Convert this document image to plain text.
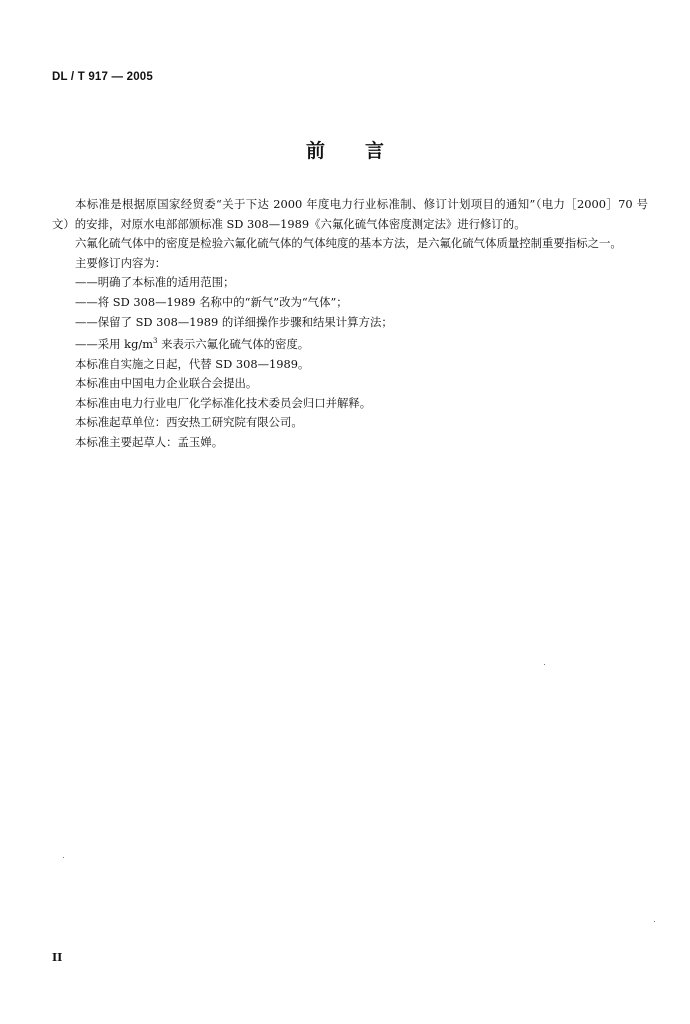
DL / T 917 — 2005
前 言

本标准是根据原国家经贸委“关于下达 2000 年度电力行业标准制、修订计划项目的通知”（电力［2000］70 号文）的安排，对原水电部部颁标准 SD 308—1989《六氟化硫气体密度测定法》进行修订的。

六氟化硫气体中的密度是检验六氟化硫气体的气体纯度的基本方法，是六氟化硫气体质量控制重要指标之一。

主要修订内容为：

——明确了本标准的适用范围；

——将 SD 308—1989 名称中的“新气”改为“气体”；

——保留了 SD 308—1989 的详细操作步骤和结果计算方法；

——采用 $kg/m^3$ 来表示六氟化硫气体的密度。

本标准自实施之日起，代替 SD 308—1989。

本标准由中国电力企业联合会提出。

本标准由电力行业电厂化学标准化技术委员会归口并解释。

本标准起草单位：西安热工研究院有限公司。

本标准主要起草人：孟玉婵。

II
